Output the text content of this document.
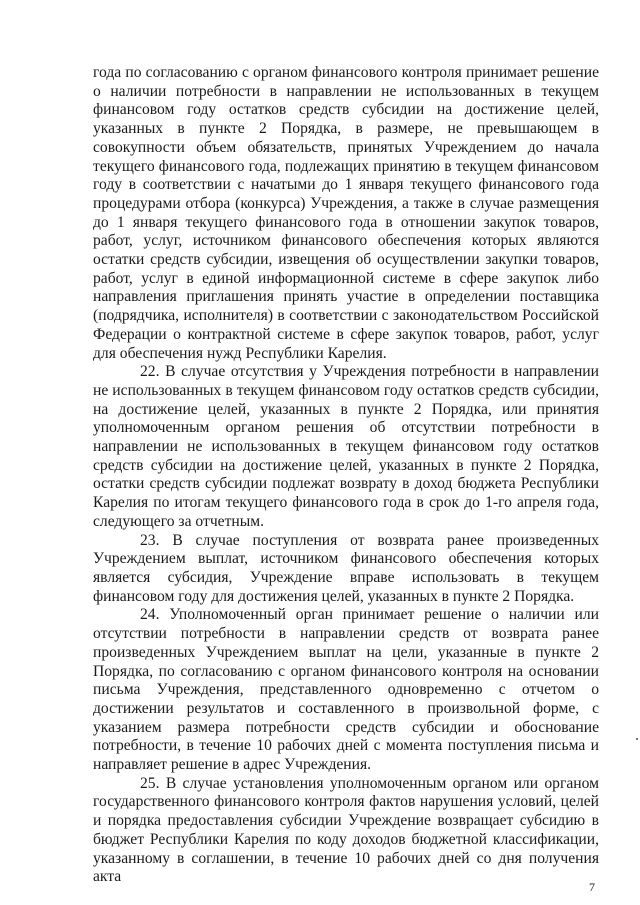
года по согласованию с органом финансового контроля принимает решение о наличии потребности в направлении не использованных в текущем финансовом году остатков средств субсидии на достижение целей, указанных в пункте 2 Порядка, в размере, не превышающем в совокупности объем обязательств, принятых Учреждением до начала текущего финансового года, подлежащих принятию в текущем финансовом году в соответствии с начатыми до 1 января текущего финансового года процедурами отбора (конкурса) Учреждения, а также в случае размещения до 1 января текущего финансового года в отношении закупок товаров, работ, услуг, источником финансового обеспечения которых являются остатки средств субсидии, извещения об осуществлении закупки товаров, работ, услуг в единой информационной системе в сфере закупок либо направления приглашения принять участие в определении поставщика (подрядчика, исполнителя) в соответствии с законодательством Российской Федерации о контрактной системе в сфере закупок товаров, работ, услуг для обеспечения нужд Республики Карелия.

22. В случае отсутствия у Учреждения потребности в направлении не использованных в текущем финансовом году остатков средств субсидии, на достижение целей, указанных в пункте 2 Порядка, или принятия уполномоченным органом решения об отсутствии потребности в направлении не использованных в текущем финансовом году остатков средств субсидии на достижение целей, указанных в пункте 2 Порядка, остатки средств субсидии подлежат возврату в доход бюджета Республики Карелия по итогам текущего финансового года в срок до 1-го апреля года, следующего за отчетным.

23. В случае поступления от возврата ранее произведенных Учреждением выплат, источником финансового обеспечения которых является субсидия, Учреждение вправе использовать в текущем финансовом году для достижения целей, указанных в пункте 2 Порядка.

24. Уполномоченный орган принимает решение о наличии или отсутствии потребности в направлении средств от возврата ранее произведенных Учреждением выплат на цели, указанные в пункте 2 Порядка, по согласованию с органом финансового контроля на основании письма Учреждения, представленного одновременно с отчетом о достижении результатов и составленного в произвольной форме, с указанием размера потребности средств субсидии и обоснование потребности, в течение 10 рабочих дней с момента поступления письма и направляет решение в адрес Учреждения.

25. В случае установления уполномоченным органом или органом государственного финансового контроля фактов нарушения условий, целей и порядка предоставления субсидии Учреждение возвращает субсидию в бюджет Республики Карелия по коду доходов бюджетной классификации, указанному в соглашении, в течение 10 рабочих дней со дня получения акта

7
